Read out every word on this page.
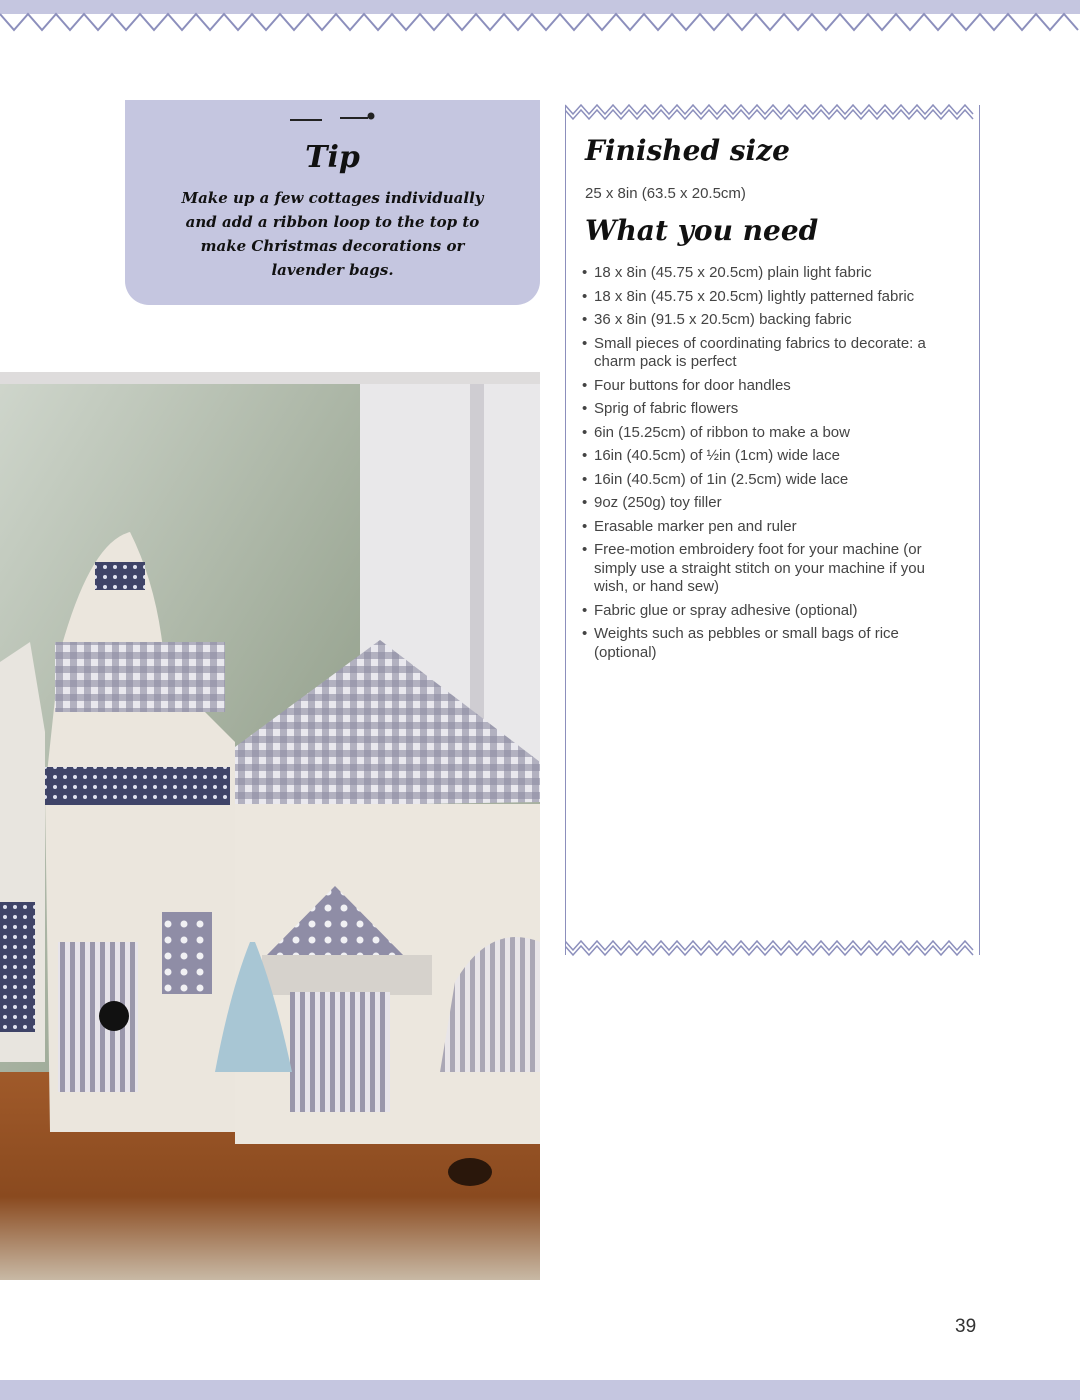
Tip
Make up a few cottages individually and add a ribbon loop to the top to make Christmas decorations or lavender bags.
Finished size
25 x 8in (63.5 x 20.5cm)
What you need
• 18 x 8in (45.75 x 20.5cm) plain light fabric
• 18 x 8in (45.75 x 20.5cm) lightly patterned fabric
• 36 x 8in (91.5 x 20.5cm) backing fabric
• Small pieces of coordinating fabrics to decorate: a charm pack is perfect
• Four buttons for door handles
• Sprig of fabric flowers
• 6in (15.25cm) of ribbon to make a bow
• 16in (40.5cm) of ½in (1cm) wide lace
• 16in (40.5cm) of 1in (2.5cm) wide lace
• 9oz (250g) toy filler
• Erasable marker pen and ruler
• Free-motion embroidery foot for your machine (or simply use a straight stitch on your machine if you wish, or hand sew)
• Fabric glue or spray adhesive (optional)
• Weights such as pebbles or small bags of rice (optional)
39
